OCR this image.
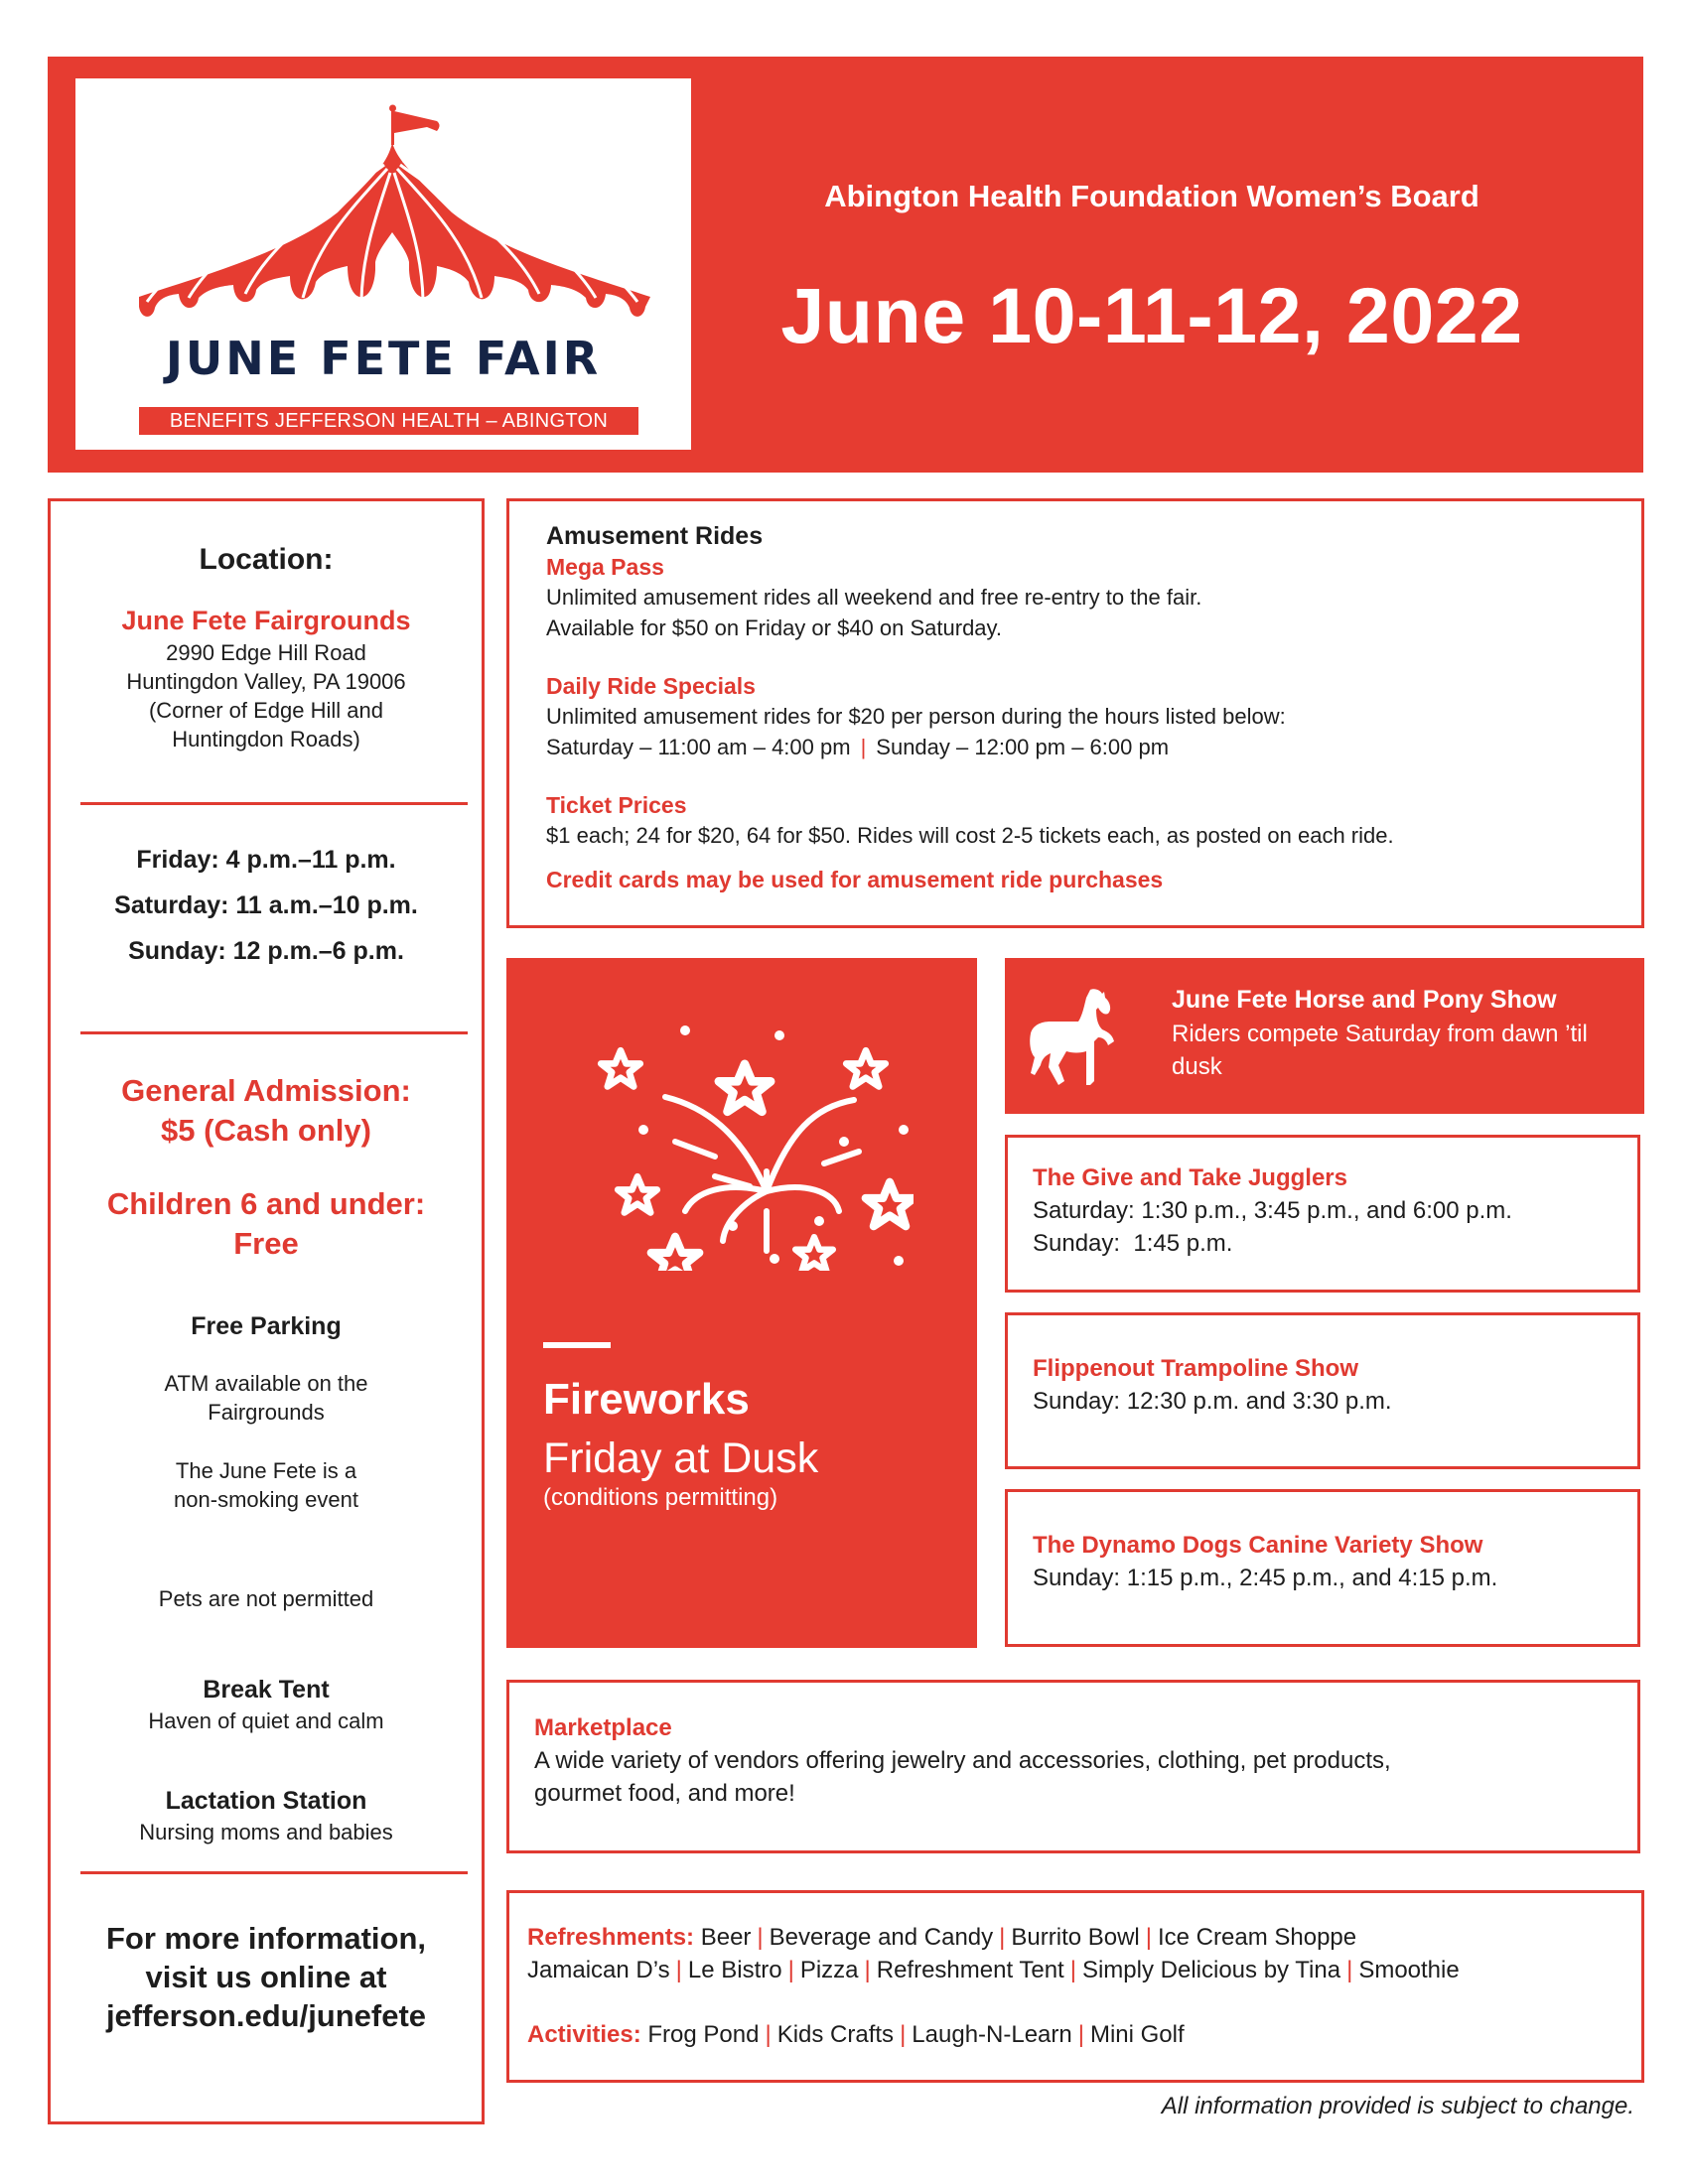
JUNE FETE FAIR
BENEFITS JEFFERSON HEALTH – ABINGTON
Abington Health Foundation Women’s Board
June 10-11-12, 2022
Location:
June Fete Fairgrounds
2990 Edge Hill Road
Huntingdon Valley, PA 19006
(Corner of Edge Hill and
Huntingdon Roads)
Friday: 4 p.m.–11 p.m.
Saturday: 11 a.m.–10 p.m.
Sunday: 12 p.m.–6 p.m.
General Admission:
$5 (Cash only)
Children 6 and under:
Free
Free Parking
ATM available on the
Fairgrounds
The June Fete is a
non-smoking event
Pets are not permitted
Break Tent
Haven of quiet and calm
Lactation Station
Nursing moms and babies
For more information,
visit us online at
jefferson.edu/junefete
Amusement Rides
Mega Pass
Unlimited amusement rides all weekend and free re-entry to the fair.
Available for $50 on Friday or $40 on Saturday.
Daily Ride Specials
Unlimited amusement rides for $20 per person during the hours listed below:
Saturday – 11:00 am – 4:00 pm | Sunday – 12:00 pm – 6:00 pm
Ticket Prices
$1 each; 24 for $20, 64 for $50. Rides will cost 2-5 tickets each, as posted on each ride.
Credit cards may be used for amusement ride purchases
Fireworks
Friday at Dusk
(conditions permitting)
June Fete Horse and Pony Show
Riders compete Saturday from dawn ’til dusk
The Give and Take Jugglers
Saturday: 1:30 p.m., 3:45 p.m., and 6:00 p.m.
Sunday:  1:45 p.m.
Flippenout Trampoline Show
Sunday: 12:30 p.m. and 3:30 p.m.
The Dynamo Dogs Canine Variety Show
Sunday: 1:15 p.m., 2:45 p.m., and 4:15 p.m.
Marketplace
A wide variety of vendors offering jewelry and accessories, clothing, pet products,
gourmet food, and more!
Refreshments: Beer | Beverage and Candy | Burrito Bowl | Ice Cream Shoppe
Jamaican D’s | Le Bistro | Pizza | Refreshment Tent | Simply Delicious by Tina | Smoothie
Activities: Frog Pond | Kids Crafts | Laugh-N-Learn | Mini Golf
All information provided is subject to change.
